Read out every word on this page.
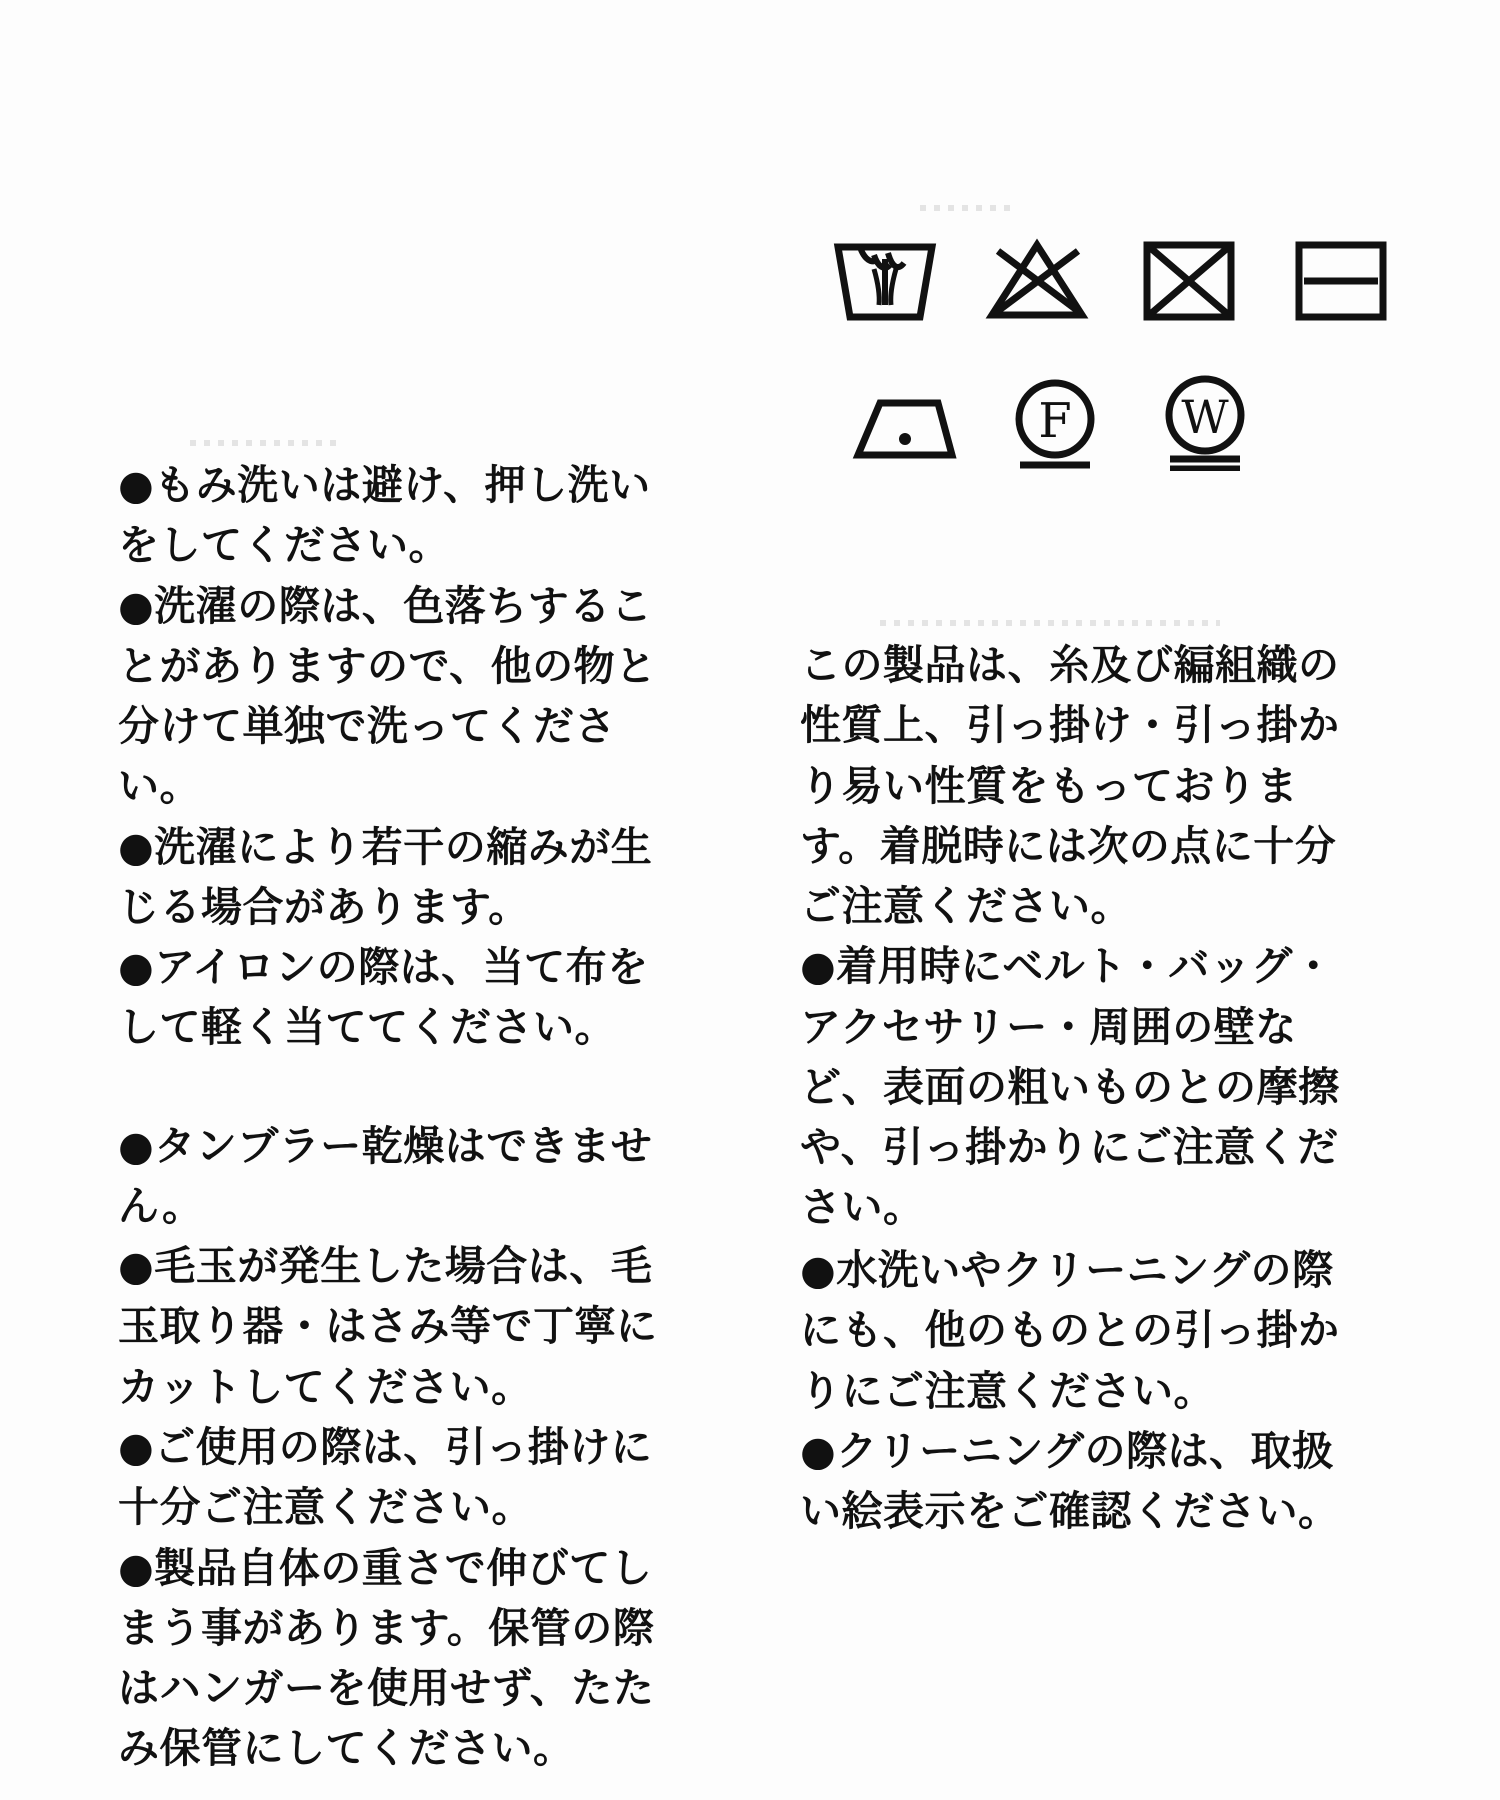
F W

●もみ洗いは避け、押し洗いをしてください。

●洗濯の際は、色落ちすることがありますので、他の物と分けて単独で洗ってください。

●洗濯により若干の縮みが生じる場合があります。

●アイロンの際は、当て布をして軽く当ててください。

●タンブラー乾燥はできません。

●毛玉が発生した場合は、毛玉取り器・はさみ等で丁寧にカットしてください。

●ご使用の際は、引っ掛けに十分ご注意ください。

●製品自体の重さで伸びてしまう事があります。保管の際はハンガーを使用せず、たたみ保管にしてください。

この製品は、糸及び編組織の性質上、引っ掛け・引っ掛かり易い性質をもっております。着脱時には次の点に十分ご注意ください。

●着用時にベルト・バッグ・アクセサリー・周囲の壁など、表面の粗いものとの摩擦や、引っ掛かりにご注意ください。

●水洗いやクリーニングの際にも、他のものとの引っ掛かりにご注意ください。

●クリーニングの際は、取扱い絵表示をご確認ください。
